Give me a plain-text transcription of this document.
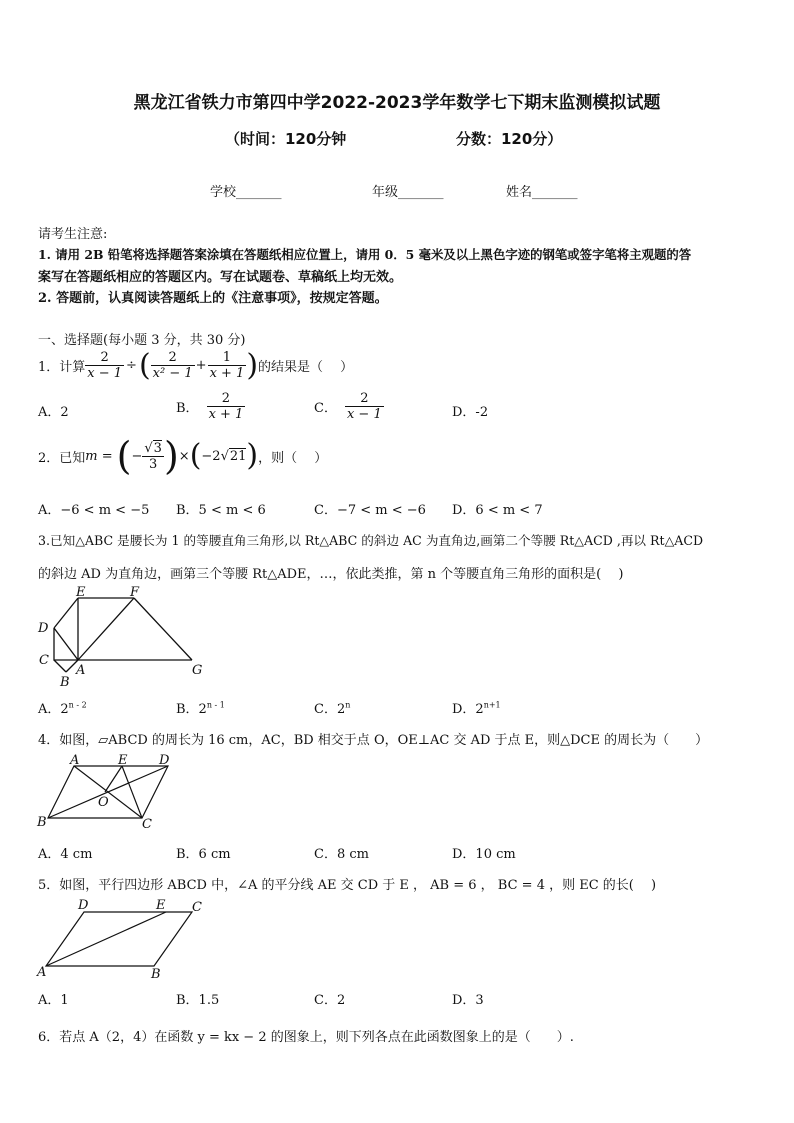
黑龙江省铁力市第四中学2022-2023学年数学七下期末监测模拟试题
（时间：120分钟	分数：120分）
学校_______	年级_______	姓名_______
请考生注意:
1. 请用 2B 铅笔将选择题答案涂填在答题纸相应位置上，请用 0．5 毫米及以上黑色字迹的钢笔或签字笔将主观题的答
案写在答题纸相应的答题区内。写在试题卷、草稿纸上均无效。
2. 答题前，认真阅读答题纸上的《注意事项》，按规定答题。
一、选择题(每小题 3 分，共 30 分)
1．计算 $\frac{2}{x - 1}$ ÷ ( $\frac{2}{\text{x² − 1}} + \frac{1}{x + 1}$ ) 的结果是（　 ）
A．2	B． $\frac{2}{x + 1}$	C． $\frac{2}{x - 1}$	D．-2
2．已知 m = ( − $\frac{√3}{3}$ ) × ( −2 √ 21 ) ，则（　 ）
A．−6 < m < −5 B．5 < m < 6	C．−7 < m < −6 D．6 < m < 7
3.已知△ABC 是腰长为 1 的等腰直角三角形,以 Rt△ABC 的斜边 AC 为直角边,画第二个等腰 Rt△ACD ,再以 Rt△ACD
的斜边 AD 为直角边，画第三个等腰 Rt△ADE，…，依此类推，第 n 个等腰直角三角形的面积是(　 )
E	F
D
C
A
B
G
A．2$^{n - 2}$	B．2$^{n - 1}$	C．2$^n$	D．$2^{n+1}$
4．如图，▱ABCD 的周长为 16 cm，AC，BD 相交于点 O，OE⊥AC 交 AD 于点 E，则△DCE 的周长为（　　）
A	E D
O
B	C
A．4 cm	B．6 cm	C．8 cm	D．10 cm
5．如图，平行四边形 ABCD 中，∠A 的平分线 AE 交 CD 于 E ， AB = 6 ， BC = 4 ，则 EC 的长(　 )
D	E C
A	B
A．1	B．1.5	C．2	D．3
6．若点 A（2，4）在函数 y = kx − 2 的图象上，则下列各点在此函数图象上的是（　　）.
